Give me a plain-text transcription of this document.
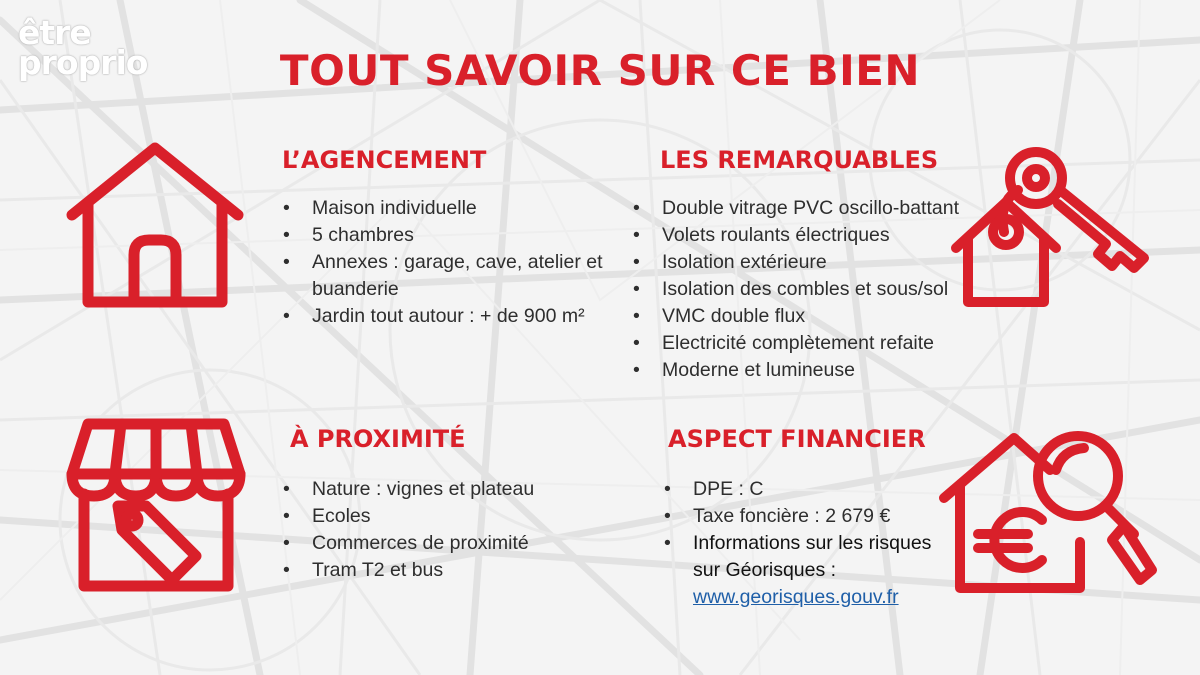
être
proprio	TOUT SAVOIR SUR CE BIEN
L’AGENCEMENT
• Maison individuelle
• 5 chambres
• Annexes : garage, cave, atelier et buanderie
• Jardin tout autour : + de 900 m²
LES REMARQUABLES
• Double vitrage PVC oscillo-battant
• Volets roulants électriques
• Isolation extérieure
• Isolation des combles et sous/sol
• VMC double flux
• Electricité complètement refaite
• Moderne et lumineuse
À PROXIMITÉ
• Nature : vignes et plateau
• Ecoles
• Commerces de proximité
• Tram T2 et bus
ASPECT FINANCIER
• DPE : C
• Taxe foncière : 2 679 €
• Informations sur les risques sur Géorisques :
www.georisques.gouv.fr
